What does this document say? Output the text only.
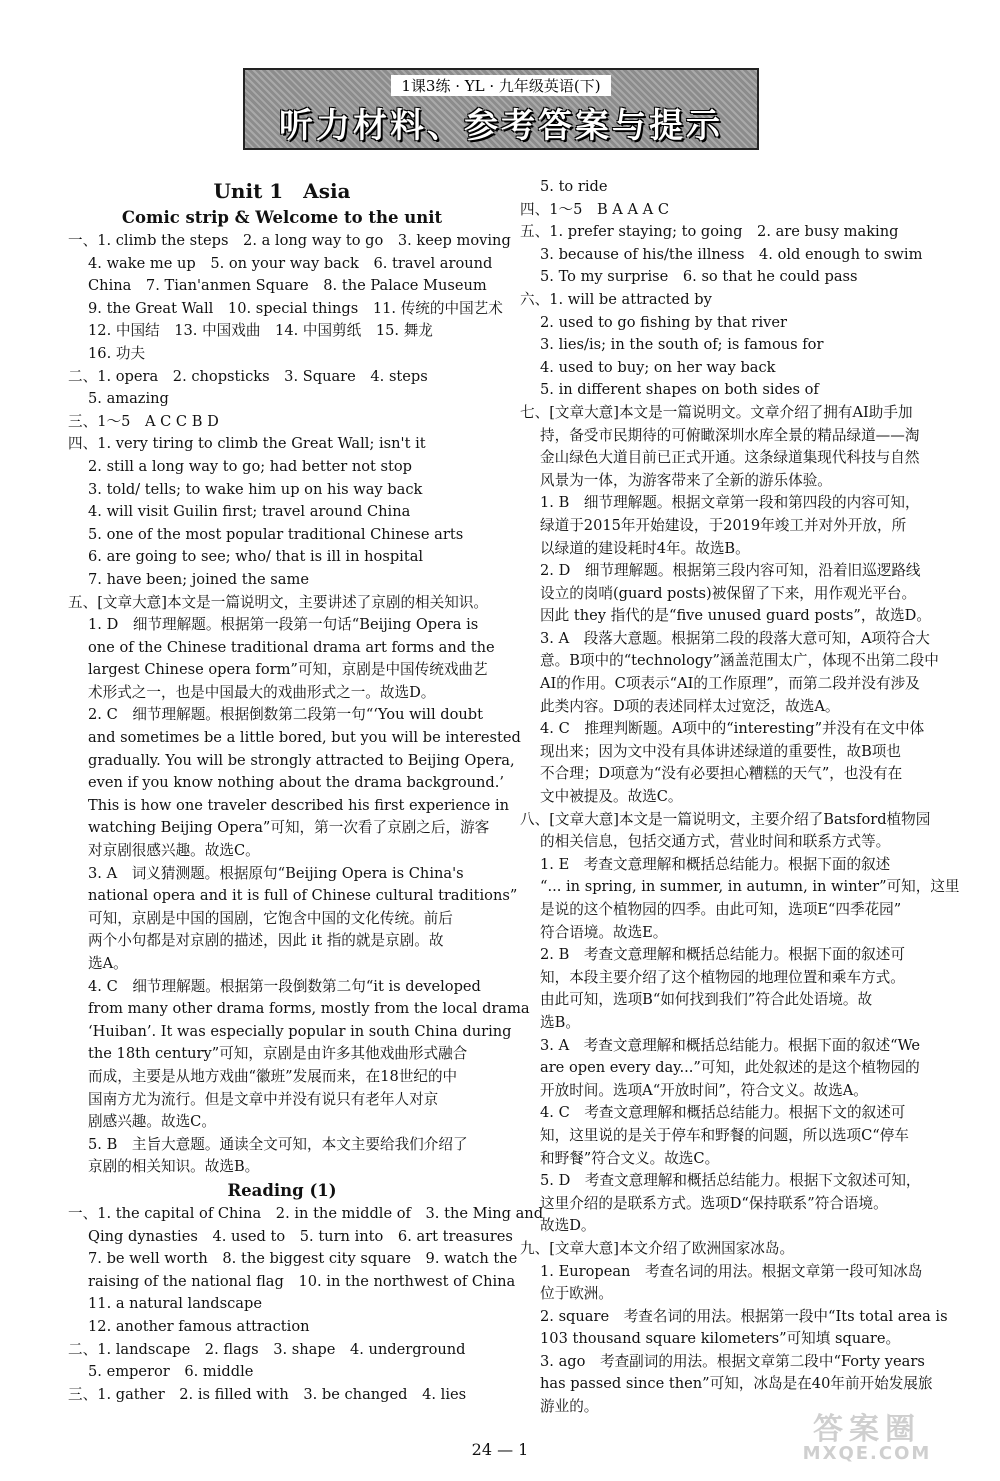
1课3练 · YL · 九年级英语(下)
听力材料、参考答案与提示
Unit 1　Asia
Comic strip & Welcome to the unit
一、1. climb the steps　2. a long way to go　3. keep moving
4. wake me up　5. on your way back　6. travel around
China　7. Tian'anmen Square　8. the Palace Museum
9. the Great Wall　10. special things　11. 传统的中国艺术
12. 中国结　13. 中国戏曲　14. 中国剪纸　15. 舞龙
16. 功夫
二、1. opera　2. chopsticks　3. Square　4. steps
5. amazing
三、1～5　A C C B D
四、1. very tiring to climb the Great Wall; isn't it
2. still a long way to go; had better not stop
3. told/ tells; to wake him up on his way back
4. will visit Guilin first; travel around China
5. one of the most popular traditional Chinese arts
6. are going to see; who/ that is ill in hospital
7. have been; joined the same
五、[文章大意]本文是一篇说明文，主要讲述了京剧的相关知识。
1. D　细节理解题。根据第一段第一句话“Beijing Opera is
one of the Chinese traditional drama art forms and the
largest Chinese opera form”可知，京剧是中国传统戏曲艺
术形式之一，也是中国最大的戏曲形式之一。故选D。
2. C　细节理解题。根据倒数第二段第一句“‘You will doubt
and sometimes be a little bored, but you will be interested
gradually. You will be strongly attracted to Beijing Opera,
even if you know nothing about the drama background.’
This is how one traveler described his first experience in
watching Beijing Opera”可知，第一次看了京剧之后，游客
对京剧很感兴趣。故选C。
3. A　词义猜测题。根据原句“Beijing Opera is China's
national opera and it is full of Chinese cultural traditions”
可知，京剧是中国的国剧，它饱含中国的文化传统。前后
两个小句都是对京剧的描述，因此 it 指的就是京剧。故
选A。
4. C　细节理解题。根据第一段倒数第二句“it is developed
from many other drama forms, mostly from the local drama
‘Huiban’. It was especially popular in south China during
the 18th century”可知，京剧是由许多其他戏曲形式融合
而成，主要是从地方戏曲“徽班”发展而来，在18世纪的中
国南方尤为流行。但是文章中并没有说只有老年人对京
剧感兴趣。故选C。
5. B　主旨大意题。通读全文可知，本文主要给我们介绍了
京剧的相关知识。故选B。
Reading (1)
一、1. the capital of China　2. in the middle of　3. the Ming and
Qing dynasties　4. used to　5. turn into　6. art treasures
7. be well worth　8. the biggest city square　9. watch the
raising of the national flag　10. in the northwest of China
11. a natural landscape
12. another famous attraction
二、1. landscape　2. flags　3. shape　4. underground
5. emperor　6. middle
三、1. gather　2. is filled with　3. be changed　4. lies
5. to ride
四、1～5　B A A A C
五、1. prefer staying; to going　2. are busy making
3. because of his/the illness　4. old enough to swim
5. To my surprise　6. so that he could pass
六、1. will be attracted by
2. used to go fishing by that river
3. lies/is; in the south of; is famous for
4. used to buy; on her way back
5. in different shapes on both sides of
七、[文章大意]本文是一篇说明文。文章介绍了拥有AI助手加
持，备受市民期待的可俯瞰深圳水库全景的精品绿道——淘
金山绿色大道目前已正式开通。这条绿道集现代科技与自然
风景为一体，为游客带来了全新的游乐体验。
1. B　细节理解题。根据文章第一段和第四段的内容可知，
绿道于2015年开始建设，于2019年竣工并对外开放，所
以绿道的建设耗时4年。故选B。
2. D　细节理解题。根据第三段内容可知，沿着旧巡逻路线
设立的岗哨(guard posts)被保留了下来，用作观光平台。
因此 they 指代的是“five unused guard posts”，故选D。
3. A　段落大意题。根据第二段的段落大意可知，A项符合大
意。B项中的“technology”涵盖范围太广，体现不出第二段中
AI的作用。C项表示“AI的工作原理”，而第二段并没有涉及
此类内容。D项的表述同样太过宽泛，故选A。
4. C　推理判断题。A项中的“interesting”并没有在文中体
现出来；因为文中没有具体讲述绿道的重要性，故B项也
不合理；D项意为“没有必要担心糟糕的天气”，也没有在
文中被提及。故选C。
八、[文章大意]本文是一篇说明文，主要介绍了Batsford植物园
的相关信息，包括交通方式，营业时间和联系方式等。
1. E　考查文意理解和概括总结能力。根据下面的叙述
“... in spring, in summer, in autumn, in winter”可知，这里
是说的这个植物园的四季。由此可知，选项E“四季花园”
符合语境。故选E。
2. B　考查文意理解和概括总结能力。根据下面的叙述可
知，本段主要介绍了这个植物园的地理位置和乘车方式。
由此可知，选项B“如何找到我们”符合此处语境。故
选B。
3. A　考查文意理解和概括总结能力。根据下面的叙述“We
are open every day...”可知，此处叙述的是这个植物园的
开放时间。选项A“开放时间”，符合文义。故选A。
4. C　考查文意理解和概括总结能力。根据下文的叙述可
知，这里说的是关于停车和野餐的问题，所以选项C“停车
和野餐”符合文义。故选C。
5. D　考查文意理解和概括总结能力。根据下文叙述可知，
这里介绍的是联系方式。选项D“保持联系”符合语境。
故选D。
九、[文章大意]本文介绍了欧洲国家冰岛。
1. European　考查名词的用法。根据文章第一段可知冰岛
位于欧洲。
2. square　考查名词的用法。根据第一段中“Its total area is
103 thousand square kilometers”可知填 square。
3. ago　考查副词的用法。根据文章第二段中“Forty years
has passed since then”可知，冰岛是在40年前开始发展旅
游业的。
24 — 1
答案圈
MXQE.COM
